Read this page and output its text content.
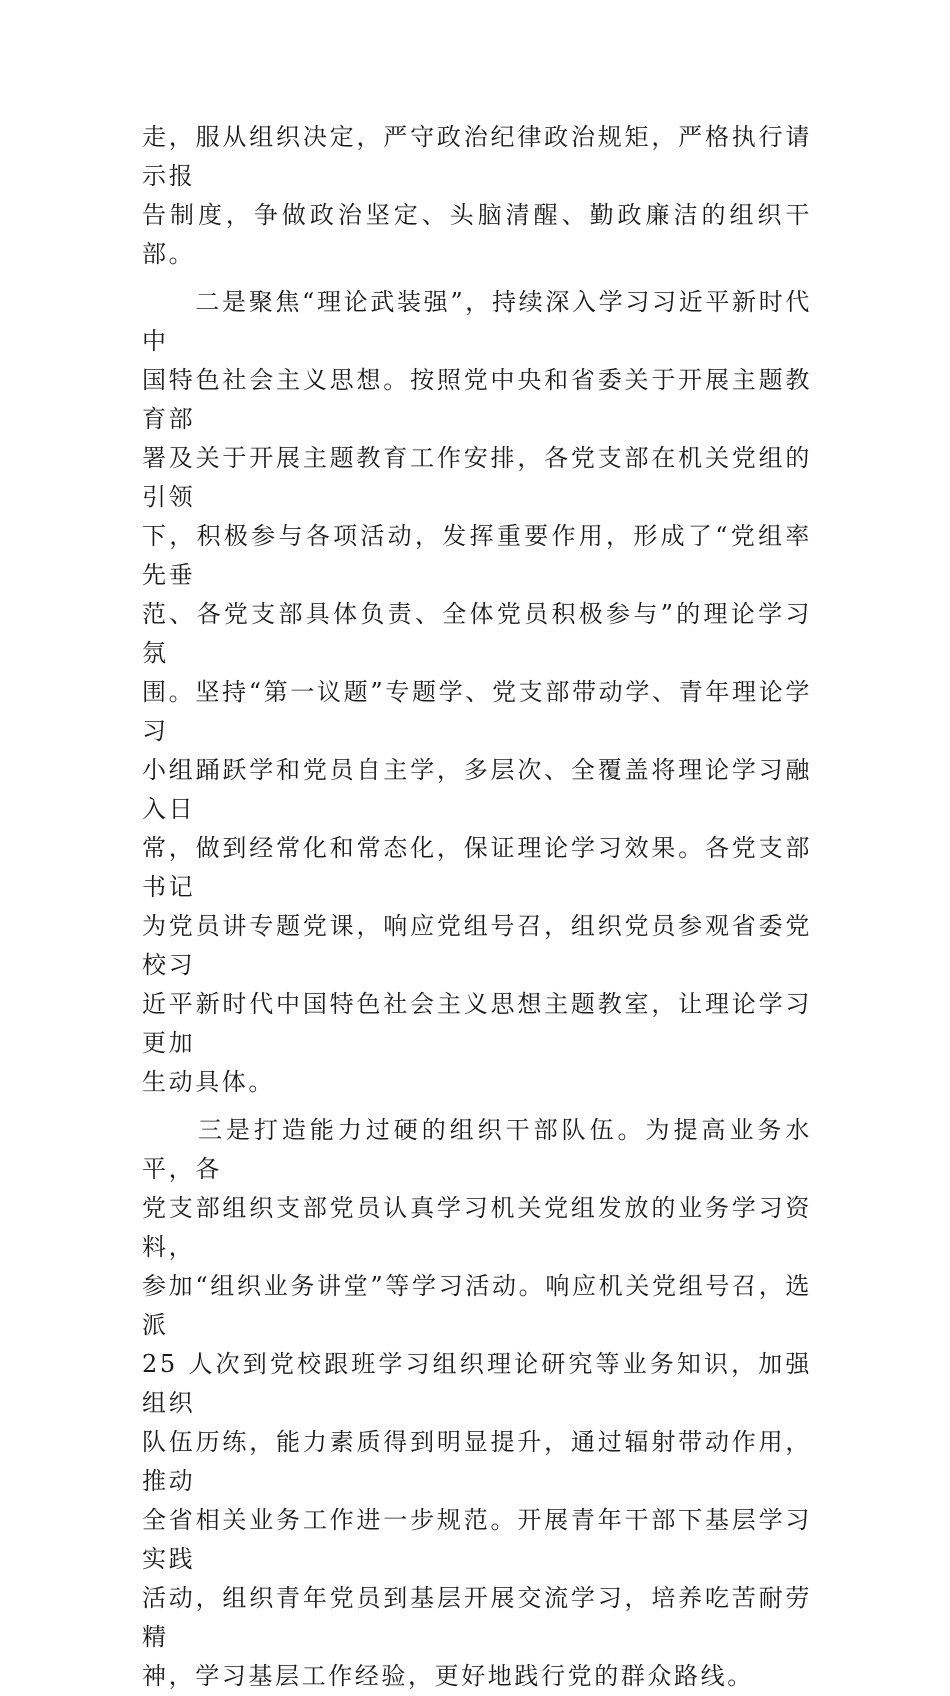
走，服从组织决定，严守政治纪律政治规矩，严格执行请示报
告制度，争做政治坚定、头脑清醒、勤政廉洁的组织干部。

　　二是聚焦“理论武装强”，持续深入学习习近平新时代中
国特色社会主义思想。按照党中央和省委关于开展主题教育部
署及关于开展主题教育工作安排，各党支部在机关党组的引领
下，积极参与各项活动，发挥重要作用，形成了“党组率先垂
范、各党支部具体负责、全体党员积极参与”的理论学习氛
围。坚持“第一议题”专题学、党支部带动学、青年理论学习
小组踊跃学和党员自主学，多层次、全覆盖将理论学习融入日
常，做到经常化和常态化，保证理论学习效果。各党支部书记
为党员讲专题党课，响应党组号召，组织党员参观省委党校习
近平新时代中国特色社会主义思想主题教室，让理论学习更加
生动具体。

　　三是打造能力过硬的组织干部队伍。为提高业务水平，各
党支部组织支部党员认真学习机关党组发放的业务学习资料，
参加“组织业务讲堂”等学习活动。响应机关党组号召，选派
25 人次到党校跟班学习组织理论研究等业务知识，加强组织
队伍历练，能力素质得到明显提升，通过辐射带动作用，推动
全省相关业务工作进一步规范。开展青年干部下基层学习实践
活动，组织青年党员到基层开展交流学习，培养吃苦耐劳精
神，学习基层工作经验，更好地践行党的群众路线。
